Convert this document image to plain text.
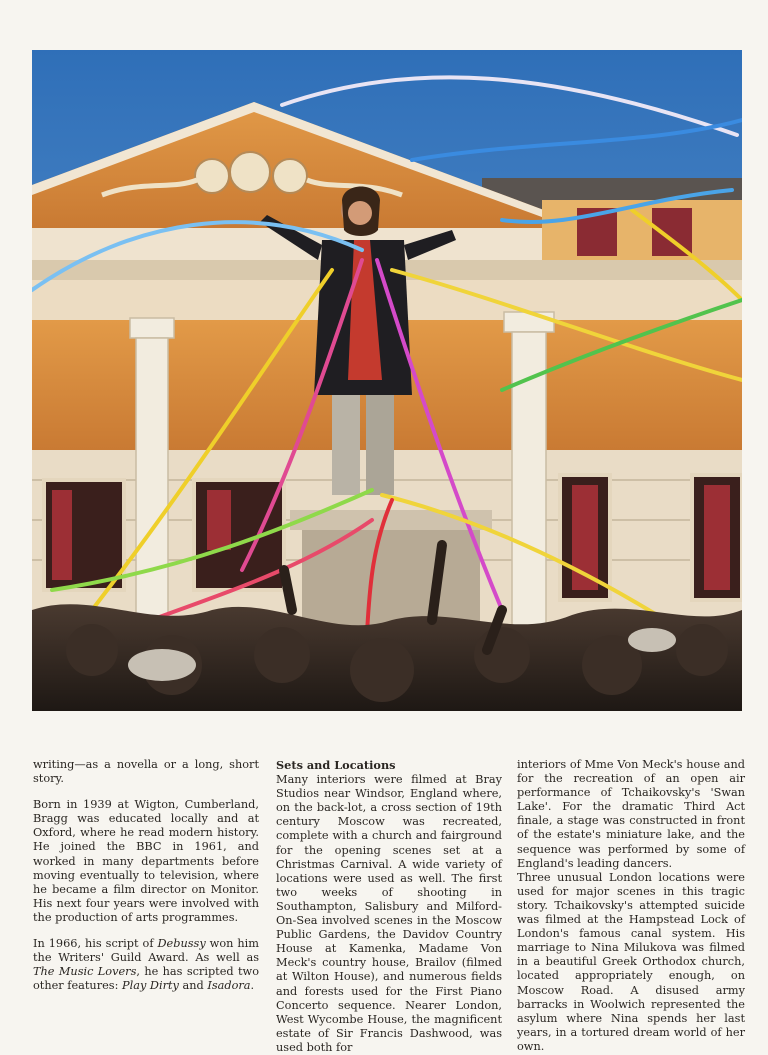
writing—as a novella or a long, short story.

Born in 1939 at Wigton, Cumberland, Bragg was educated locally and at Oxford, where he read modern history. He joined the BBC in 1961, and worked in many departments before moving eventually to television, where he became a film director on Monitor. His next four years were involved with the production of arts programmes.

In 1966, his script of Debussy won him the Writers' Guild Award. As well as The Music Lovers, he has scripted two other features: Play Dirty and Isadora.

Sets and Locations

Many interiors were filmed at Bray Studios near Windsor, England where, on the back-lot, a cross section of 19th century Moscow was recreated, complete with a church and fairground for the opening scenes set at a Christmas Carnival. A wide variety of locations were used as well. The first two weeks of shooting in Southampton, Salisbury and Milford-On-Sea involved scenes in the Moscow Public Gardens, the Davidov Country House at Kamenka, Madame Von Meck's country house, Brailov (filmed at Wilton House), and numerous fields and forests used for the First Piano Concerto sequence. Nearer London, West Wycombe House, the magnificent estate of Sir Francis Dashwood, was used both for

interiors of Mme Von Meck's house and for the recreation of an open air performance of Tchaikovsky's 'Swan Lake'. For the dramatic Third Act finale, a stage was constructed in front of the estate's miniature lake, and the sequence was performed by some of England's leading dancers.

Three unusual London locations were used for major scenes in this tragic story. Tchaikovsky's attempted suicide was filmed at the Hampstead Lock of London's famous canal system. His marriage to Nina Milukova was filmed in a beautiful Greek Orthodox church, located appropriately enough, on Moscow Road. A disused army barracks in Woolwich represented the asylum where Nina spends her last years, in a tortured dream world of her own.
